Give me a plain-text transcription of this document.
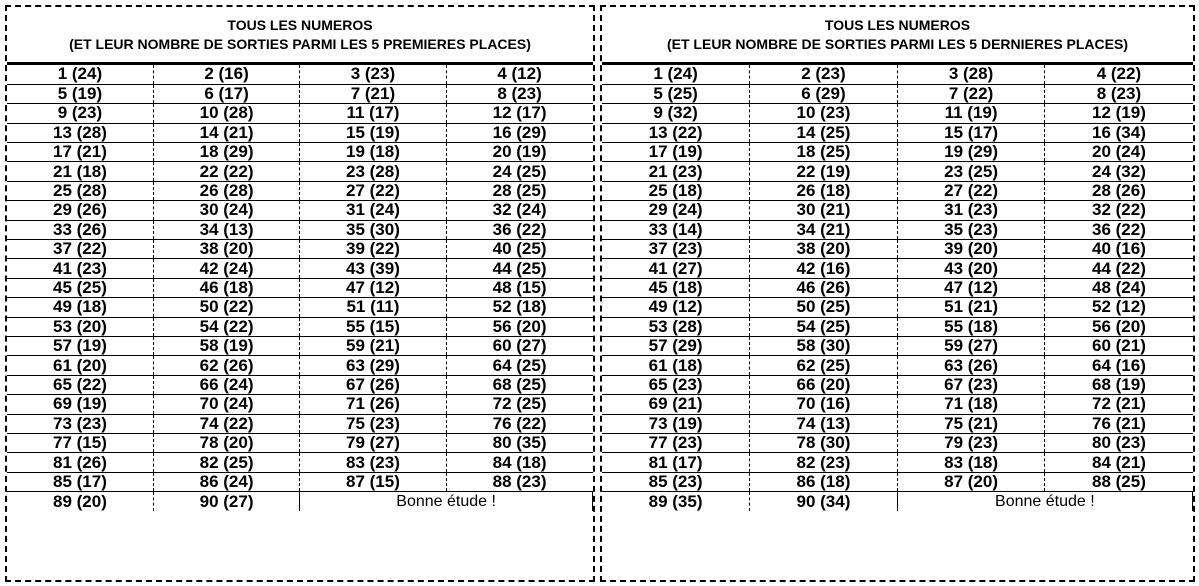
TOUS LES NUMEROS
(ET LEUR NOMBRE DE SORTIES PARMI LES 5 PREMIERES PLACES)
1 (24)	2 (16)	3 (23)	4 (12)
5 (19)	6 (17)	7 (21)	8 (23)
9 (23)	10 (28)	11 (17)	12 (17)
13 (28)	14 (21)	15 (19)	16 (29)
17 (21)	18 (29)	19 (18)	20 (19)
21 (18)	22 (22)	23 (28)	24 (25)
25 (28)	26 (28)	27 (22)	28 (25)
29 (26)	30 (24)	31 (24)	32 (24)
33 (26)	34 (13)	35 (30)	36 (22)
37 (22)	38 (20)	39 (22)	40 (25)
41 (23)	42 (24)	43 (39)	44 (25)
45 (25)	46 (18)	47 (12)	48 (15)
49 (18)	50 (22)	51 (11)	52 (18)
53 (20)	54 (22)	55 (15)	56 (20)
57 (19)	58 (19)	59 (21)	60 (27)
61 (20)	62 (26)	63 (29)	64 (25)
65 (22)	66 (24)	67 (26)	68 (25)
69 (19)	70 (24)	71 (26)	72 (25)
73 (23)	74 (22)	75 (23)	76 (22)
77 (15)	78 (20)	79 (27)	80 (35)
81 (26)	82 (25)	83 (23)	84 (18)
85 (17)	86 (24)	87 (15)	88 (23)
89 (20)	90 (27)	Bonne étude !	
TOUS LES NUMEROS
(ET LEUR NOMBRE DE SORTIES PARMI LES 5 DERNIERES PLACES)
1 (24)	2 (23)	3 (28)	4 (22)
5 (25)	6 (29)	7 (22)	8 (23)
9 (32)	10 (23)	11 (19)	12 (19)
13 (22)	14 (25)	15 (17)	16 (34)
17 (19)	18 (25)	19 (29)	20 (24)
21 (23)	22 (19)	23 (25)	24 (32)
25 (18)	26 (18)	27 (22)	28 (26)
29 (24)	30 (21)	31 (23)	32 (22)
33 (14)	34 (21)	35 (23)	36 (22)
37 (23)	38 (20)	39 (20)	40 (16)
41 (27)	42 (16)	43 (20)	44 (22)
45 (18)	46 (26)	47 (12)	48 (24)
49 (12)	50 (25)	51 (21)	52 (12)
53 (28)	54 (25)	55 (18)	56 (20)
57 (29)	58 (30)	59 (27)	60 (21)
61 (18)	62 (25)	63 (26)	64 (16)
65 (23)	66 (20)	67 (23)	68 (19)
69 (21)	70 (16)	71 (18)	72 (21)
73 (19)	74 (13)	75 (21)	76 (21)
77 (23)	78 (30)	79 (23)	80 (23)
81 (17)	82 (23)	83 (18)	84 (21)
85 (23)	86 (18)	87 (20)	88 (25)
89 (35)	90 (34)	Bonne étude !	
